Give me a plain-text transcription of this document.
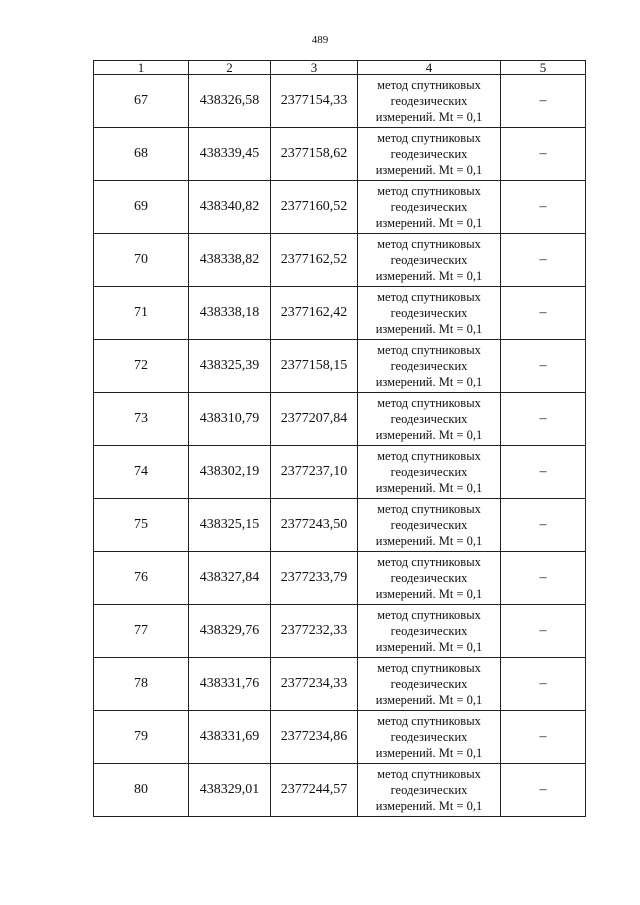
489
1	2	3	4	5
67	438326,58	2377154,33	метод спутниковых
геодезических
измерений. Mt = 0,1	–
68	438339,45	2377158,62	метод спутниковых
геодезических
измерений. Mt = 0,1	–
69	438340,82	2377160,52	метод спутниковых
геодезических
измерений. Mt = 0,1	–
70	438338,82	2377162,52	метод спутниковых
геодезических
измерений. Mt = 0,1	–
71	438338,18	2377162,42	метод спутниковых
геодезических
измерений. Mt = 0,1	–
72	438325,39	2377158,15	метод спутниковых
геодезических
измерений. Mt = 0,1	–
73	438310,79	2377207,84	метод спутниковых
геодезических
измерений. Mt = 0,1	–
74	438302,19	2377237,10	метод спутниковых
геодезических
измерений. Mt = 0,1	–
75	438325,15	2377243,50	метод спутниковых
геодезических
измерений. Mt = 0,1	–
76	438327,84	2377233,79	метод спутниковых
геодезических
измерений. Mt = 0,1	–
77	438329,76	2377232,33	метод спутниковых
геодезических
измерений. Mt = 0,1	–
78	438331,76	2377234,33	метод спутниковых
геодезических
измерений. Mt = 0,1	–
79	438331,69	2377234,86	метод спутниковых
геодезических
измерений. Mt = 0,1	–
80	438329,01	2377244,57	метод спутниковых
геодезических
измерений. Mt = 0,1	–
